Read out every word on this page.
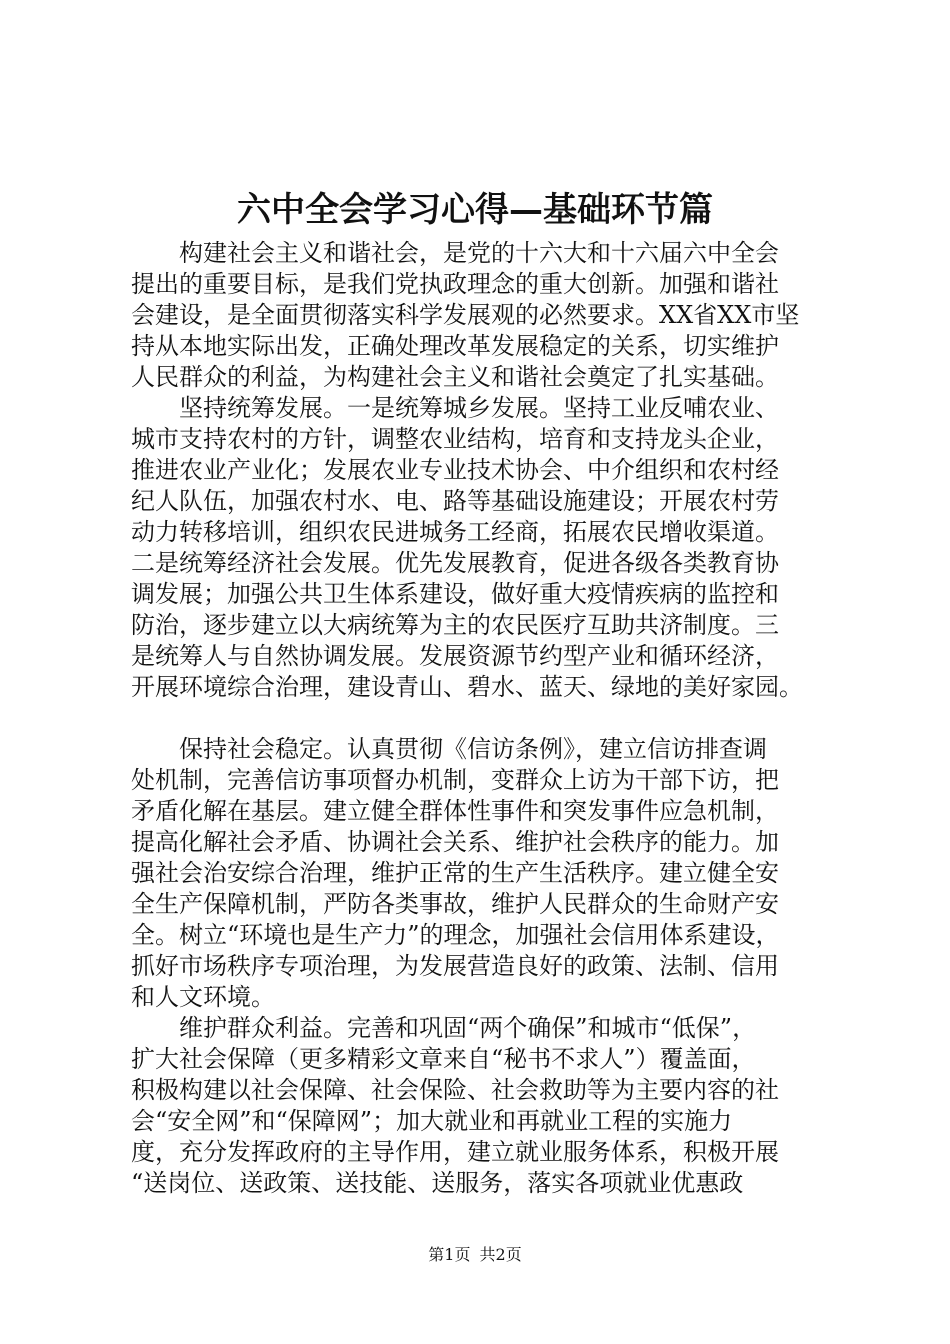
六中全会学习心得—基础环节篇
　　构建社会主义和谐社会，是党的十六大和十六届六中全会
提出的重要目标，是我们党执政理念的重大创新。加强和谐社
会建设，是全面贯彻落实科学发展观的必然要求。XX省XX市坚
持从本地实际出发，正确处理改革发展稳定的关系，切实维护
人民群众的利益，为构建社会主义和谐社会奠定了扎实基础。
　　坚持统筹发展。一是统筹城乡发展。坚持工业反哺农业、
城市支持农村的方针，调整农业结构，培育和支持龙头企业，
推进农业产业化；发展农业专业技术协会、中介组织和农村经
纪人队伍，加强农村水、电、路等基础设施建设；开展农村劳
动力转移培训，组织农民进城务工经商，拓展农民增收渠道。
二是统筹经济社会发展。优先发展教育，促进各级各类教育协
调发展；加强公共卫生体系建设，做好重大疫情疾病的监控和
防治，逐步建立以大病统筹为主的农民医疗互助共济制度。三
是统筹人与自然协调发展。发展资源节约型产业和循环经济，
开展环境综合治理，建设青山、碧水、蓝天、绿地的美好家园。
　　保持社会稳定。认真贯彻《信访条例》，建立信访排查调
处机制，完善信访事项督办机制，变群众上访为干部下访，把
矛盾化解在基层。建立健全群体性事件和突发事件应急机制，
提高化解社会矛盾、协调社会关系、维护社会秩序的能力。加
强社会治安综合治理，维护正常的生产生活秩序。建立健全安
全生产保障机制，严防各类事故，维护人民群众的生命财产安
全。树立“环境也是生产力”的理念，加强社会信用体系建设，
抓好市场秩序专项治理，为发展营造良好的政策、法制、信用
和人文环境。
　　维护群众利益。完善和巩固“两个确保”和城市“低保”，
扩大社会保障（更多精彩文章来自“秘书不求人”）覆盖面，
积极构建以社会保障、社会保险、社会救助等为主要内容的社
会“安全网”和“保障网”；加大就业和再就业工程的实施力
度，充分发挥政府的主导作用，建立就业服务体系，积极开展
“送岗位、送政策、送技能、送服务，落实各项就业优惠政
第1页 共2页
